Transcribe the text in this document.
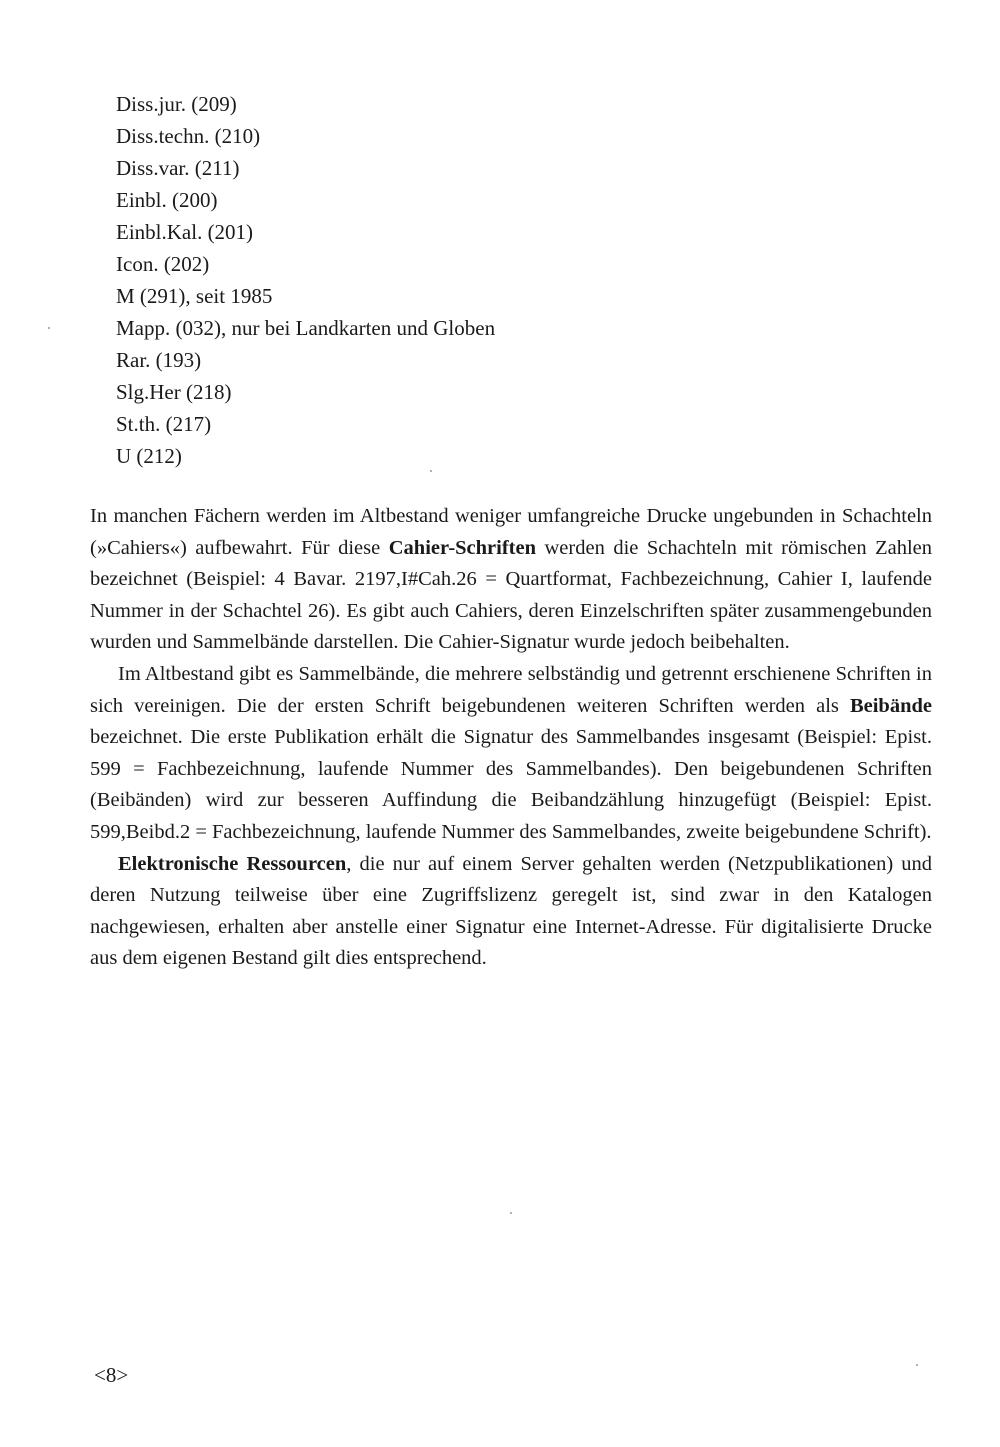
Diss.jur. (209)
Diss.techn. (210)
Diss.var. (211)
Einbl. (200)
Einbl.Kal. (201)
Icon. (202)
M (291), seit 1985
Mapp. (032), nur bei Landkarten und Globen
Rar. (193)
Slg.Her (218)
St.th. (217)
U (212)

In manchen Fächern werden im Altbestand weniger umfangreiche Drucke ungebunden in Schachteln (»Cahiers«) aufbewahrt. Für diese Cahier-Schriften werden die Schachteln mit römischen Zahlen bezeichnet (Beispiel: 4 Bavar. 2197,I#Cah.26 = Quartformat, Fachbezeichnung, Cahier I, laufende Nummer in der Schachtel 26). Es gibt auch Cahiers, deren Einzelschriften später zusammengebunden wurden und Sammelbände darstellen. Die Cahier-Signatur wurde jedoch beibehalten.

Im Altbestand gibt es Sammelbände, die mehrere selbständig und getrennt erschienene Schriften in sich vereinigen. Die der ersten Schrift beigebundenen weiteren Schriften werden als Beibände bezeichnet. Die erste Publikation erhält die Signatur des Sammelbandes insgesamt (Beispiel: Epist. 599 = Fachbezeichnung, laufende Nummer des Sammelbandes). Den beigebundenen Schriften (Beibänden) wird zur besseren Auffindung die Beibandzählung hinzugefügt (Beispiel: Epist. 599,Beibd.2 = Fachbezeichnung, laufende Nummer des Sammelbandes, zweite beigebundene Schrift).

Elektronische Ressourcen, die nur auf einem Server gehalten werden (Netzpublikationen) und deren Nutzung teilweise über eine Zugriffslizenz geregelt ist, sind zwar in den Katalogen nachgewiesen, erhalten aber anstelle einer Signatur eine Internet-Adresse. Für digitalisierte Drucke aus dem eigenen Bestand gilt dies entsprechend.

<8>
